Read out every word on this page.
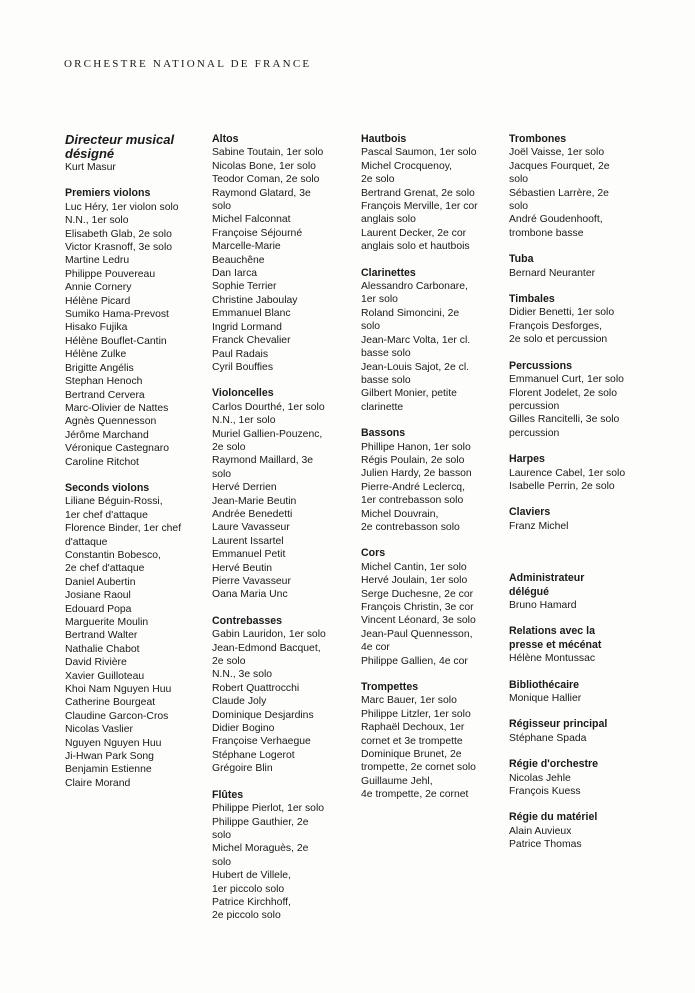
ORCHESTRE NATIONAL DE FRANCE
Directeur musical
désigné
Kurt Masur
Premiers violons
Luc Héry, 1er violon solo
N.N., 1er solo
Elisabeth Glab, 2e solo
Victor Krasnoff, 3e solo
Martine Ledru
Philippe Pouvereau
Annie Cornery
Hélène Picard
Sumiko Hama-Prevost
Hisako Fujika
Hélène Bouflet-Cantin
Hélène Zulke
Brigitte Angélis
Stephan Henoch
Bertrand Cervera
Marc-Olivier de Nattes
Agnès Quennesson
Jérôme Marchand
Véronique Castegnaro
Caroline Ritchot
Seconds violons
Liliane Béguin-Rossi,
1er chef d'attaque
Florence Binder, 1er chef
d'attaque
Constantin Bobesco,
2e chef d'attaque
Daniel Aubertin
Josiane Raoul
Edouard Popa
Marguerite Moulin
Bertrand Walter
Nathalie Chabot
David Rivière
Xavier Guilloteau
Khoi Nam Nguyen Huu
Catherine Bourgeat
Claudine Garcon-Cros
Nicolas Vaslier
Nguyen Nguyen Huu
Ji-Hwan Park Song
Benjamin Estienne
Claire Morand
Altos
Sabine Toutain, 1er solo
Nicolas Bone, 1er solo
Teodor Coman, 2e solo
Raymond Glatard, 3e
solo
Michel Falconnat
Françoise Séjourné
Marcelle-Marie
Beauchêne
Dan Iarca
Sophie Terrier
Christine Jaboulay
Emmanuel Blanc
Ingrid Lormand
Franck Chevalier
Paul Radais
Cyril Bouffies
Violoncelles
Carlos Dourthé, 1er solo
N.N., 1er solo
Muriel Gallien-Pouzenc,
2e solo
Raymond Maillard, 3e
solo
Hervé Derrien
Jean-Marie Beutin
Andrée Benedetti
Laure Vavasseur
Laurent Issartel
Emmanuel Petit
Hervé Beutin
Pierre Vavasseur
Oana Maria Unc
Contrebasses
Gabin Lauridon, 1er solo
Jean-Edmond Bacquet,
2e solo
N.N., 3e solo
Robert Quattrocchi
Claude Joly
Dominique Desjardins
Didier Bogino
Françoise Verhaegue
Stéphane Logerot
Grégoire Blin
Flûtes
Philippe Pierlot, 1er solo
Philippe Gauthier, 2e
solo
Michel Moraguès, 2e
solo
Hubert de Villele,
1er piccolo solo
Patrice Kirchhoff,
2e piccolo solo
Hautbois
Pascal Saumon, 1er solo
Michel Crocquenoy,
2e solo
Bertrand Grenat, 2e solo
François Merville, 1er cor
anglais solo
Laurent Decker, 2e cor
anglais solo et hautbois
Clarinettes
Alessandro Carbonare,
1er solo
Roland Simoncini, 2e
solo
Jean-Marc Volta, 1er cl.
basse solo
Jean-Louis Sajot, 2e cl.
basse solo
Gilbert Monier, petite
clarinette
Bassons
Phillipe Hanon, 1er solo
Régis Poulain, 2e solo
Julien Hardy, 2e basson
Pierre-André Leclercq,
1er contrebasson solo
Michel Douvrain,
2e contrebasson solo
Cors
Michel Cantin, 1er solo
Hervé Joulain, 1er solo
Serge Duchesne, 2e cor
François Christin, 3e cor
Vincent Léonard, 3e solo
Jean-Paul Quennesson,
4e cor
Philippe Gallien, 4e cor
Trompettes
Marc Bauer, 1er solo
Philippe Litzler, 1er solo
Raphaël Dechoux, 1er
cornet et 3e trompette
Dominique Brunet, 2e
trompette, 2e cornet solo
Guillaume Jehl,
4e trompette, 2e cornet
Trombones
Joël Vaisse, 1er solo
Jacques Fourquet, 2e
solo
Sébastien Larrère, 2e
solo
André Goudenhooft,
trombone basse
Tuba
Bernard Neuranter
Timbales
Didier Benetti, 1er solo
François Desforges,
2e solo et percussion
Percussions
Emmanuel Curt, 1er solo
Florent Jodelet, 2e solo
percussion
Gilles Rancitelli, 3e solo
percussion
Harpes
Laurence Cabel, 1er solo
Isabelle Perrin, 2e solo
Claviers
Franz Michel
Administrateur
délégué
Bruno Hamard
Relations avec la
presse et mécénat
Hélène Montussac
Bibliothécaire
Monique Hallier
Régisseur principal
Stéphane Spada
Régie d'orchestre
Nicolas Jehle
François Kuess
Régie du matériel
Alain Auvieux
Patrice Thomas
